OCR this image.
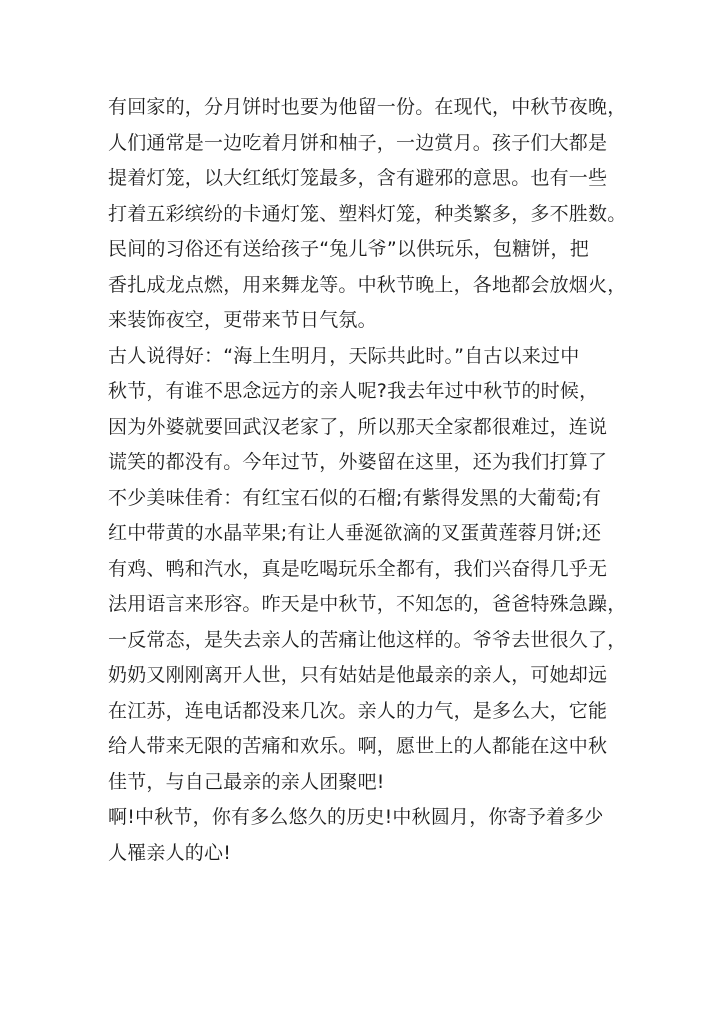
有回家的，分月饼时也要为他留一份。在现代，中秋节夜晚，
人们通常是一边吃着月饼和柚子，一边赏月。孩子们大都是
提着灯笼，以大红纸灯笼最多，含有避邪的意思。也有一些
打着五彩缤纷的卡通灯笼、塑料灯笼，种类繁多，多不胜数。
民间的习俗还有送给孩子“兔儿爷”以供玩乐，包糖饼，把
香扎成龙点燃，用来舞龙等。中秋节晚上，各地都会放烟火，
来装饰夜空，更带来节日气氛。
古人说得好：“海上生明月，天际共此时。”自古以来过中
秋节，有谁不思念远方的亲人呢?我去年过中秋节的时候，
因为外婆就要回武汉老家了，所以那天全家都很难过，连说
谎笑的都没有。今年过节，外婆留在这里，还为我们打算了
不少美味佳肴：有红宝石似的石榴;有紫得发黑的大葡萄;有
红中带黄的水晶苹果;有让人垂涎欲滴的叉蛋黄莲蓉月饼;还
有鸡、鸭和汽水，真是吃喝玩乐全都有，我们兴奋得几乎无
法用语言来形容。昨天是中秋节，不知怎的，爸爸特殊急躁，
一反常态，是失去亲人的苦痛让他这样的。爷爷去世很久了，
奶奶又刚刚离开人世，只有姑姑是他最亲的亲人，可她却远
在江苏，连电话都没来几次。亲人的力气，是多么大，它能
给人带来无限的苦痛和欢乐。啊，愿世上的人都能在这中秋
佳节，与自己最亲的亲人团聚吧!
啊!中秋节，你有多么悠久的历史!中秋圆月，你寄予着多少
人罹亲人的心!
